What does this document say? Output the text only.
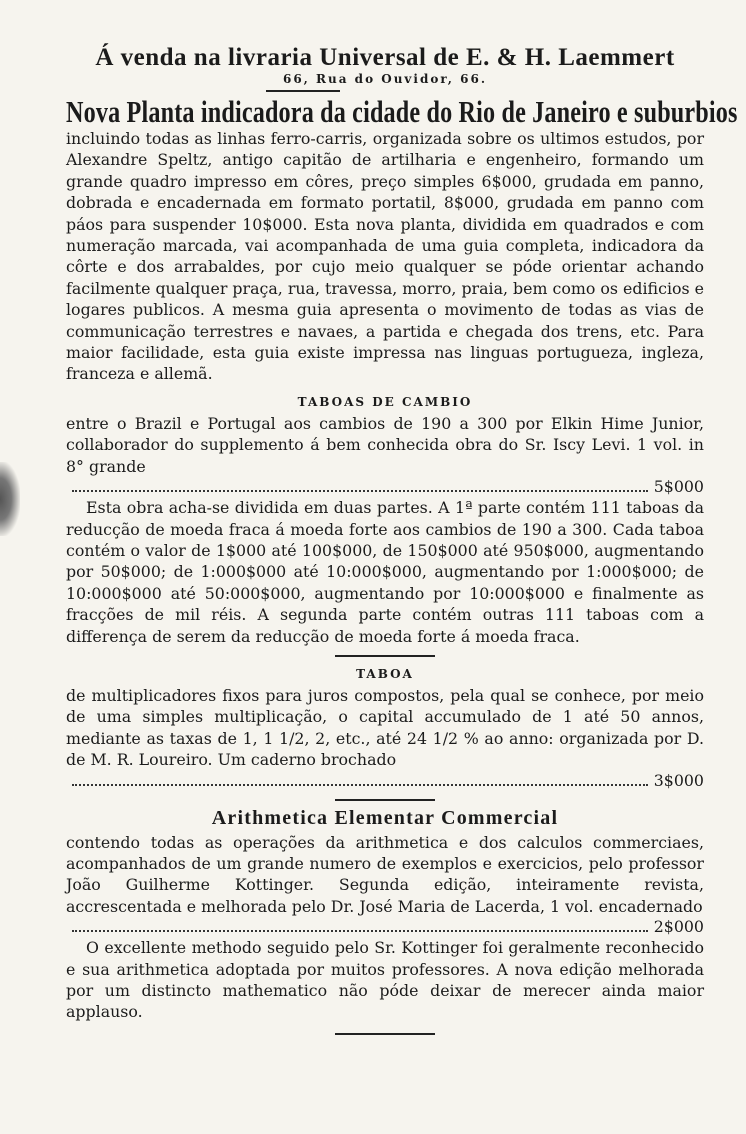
Á venda na livraria Universal de E. & H. Laemmert
66, Rua do Ouvidor, 66.
Nova Planta indicadora da cidade do Rio de Janeiro e suburbios

incluindo todas as linhas ferro-carris, organizada sobre os ultimos estudos, por Alexandre Speltz, antigo capitão de artilharia e engenheiro, formando um grande quadro impresso em côres, preço simples 6$000, grudada em panno, dobrada e encadernada em formato portatil, 8$000, grudada em panno com páos para suspender 10$000. Esta nova planta, dividida em quadrados e com numeração marcada, vai acompanhada de uma guia completa, indicadora da côrte e dos arrabaldes, por cujo meio qualquer se póde orientar achando facilmente qualquer praça, rua, travessa, morro, praia, bem como os edificios e logares publicos. A mesma guia apresenta o movimento de todas as vias de communicação terrestres e navaes, a partida e chegada dos trens, etc. Para maior facilidade, esta guia existe impressa nas linguas portugueza, ingleza, franceza e allemã.

TABOAS DE CAMBIO

entre o Brazil e Portugal aos cambios de 190 a 300 por Elkin Hime Junior, collaborador do supplemento á bem conhecida obra do Sr. Iscy Levi. 1 vol. in 8° grande

5$000

Esta obra acha-se dividida em duas partes. A 1ª parte contém 111 taboas da reducção de moeda fraca á moeda forte aos cambios de 190 a 300. Cada taboa contém o valor de 1$000 até 100$000, de 150$000 até 950$000, augmentando por 50$000; de 1:000$000 até 10:000$000, augmentando por 1:000$000; de 10:000$000 até 50:000$000, augmentando por 10:000$000 e finalmente as fracções de mil réis. A segunda parte contém outras 111 taboas com a differença de serem da reducção de moeda forte á moeda fraca.

TABOA

de multiplicadores fixos para juros compostos, pela qual se conhece, por meio de uma simples multiplicação, o capital accumulado de 1 até 50 annos, mediante as taxas de 1, 1 1/2, 2, etc., até 24 1/2 % ao anno: organizada por D. de M. R. Loureiro. Um caderno brochado

3$000
Arithmetica Elementar Commercial

contendo todas as operações da arithmetica e dos calculos commerciaes, acompanhados de um grande numero de exemplos e exercicios, pelo professor João Guilherme Kottinger. Segunda edição, inteiramente revista, accrescentada e melhorada pelo Dr. José Maria de Lacerda, 1 vol. encadernado

2$000

O excellente methodo seguido pelo Sr. Kottinger foi geralmente reconhecido e sua arithmetica adoptada por muitos professores. A nova edição melhorada por um distincto mathematico não póde deixar de merecer ainda maior applauso.
